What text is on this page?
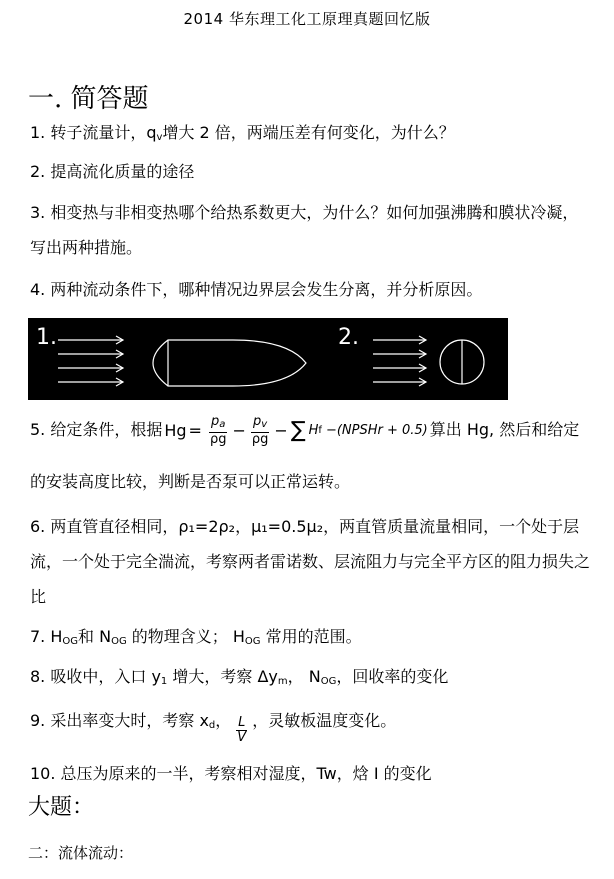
2014 华东理工化工原理真题回忆版
一. 简答题
1. 转子流量计，$q_v$增大 2 倍，两端压差有何变化，为什么？
2. 提高流化质量的途径
3. 相变热与非相变热哪个给热系数更大，为什么？如何加强沸腾和膜状冷凝，写出两种措施。
4. 两种流动条件下，哪种情况边界层会发生分离，并分析原因。
1.	2.
5. 给定条件，根据 $Hg = \frac{p_a}{\rho g} - \frac{p_v}{\rho g}$ − ∑ H f −(NPSHr + 0.5) 算出 Hg, 然后和给定
的安装高度比较，判断是否泵可以正常运转。
6. 两直管直径相同，ρ₁=2ρ₂，μ₁=0.5μ₂，两直管质量流量相同，一个处于层流，一个处于完全湍流，考察两者雷诺数、层流阻力与完全平方区的阻力损失之比
7. $H_{OG}$和 $N_{OG}$ 的物理含义； $H_{OG}$ 常用的范围。
8. 吸收中，入口 $y_1$ 增大，考察 $\Delta y_m$， $N_{OG}$，回收率的变化
9. 采出率变大时，考察 $x_d$， $\frac{L}{V}$ ，灵敏板温度变化。
10. 总压为原来的一半，考察相对湿度，Tw，焓 I 的变化
大题：
二：流体流动：
